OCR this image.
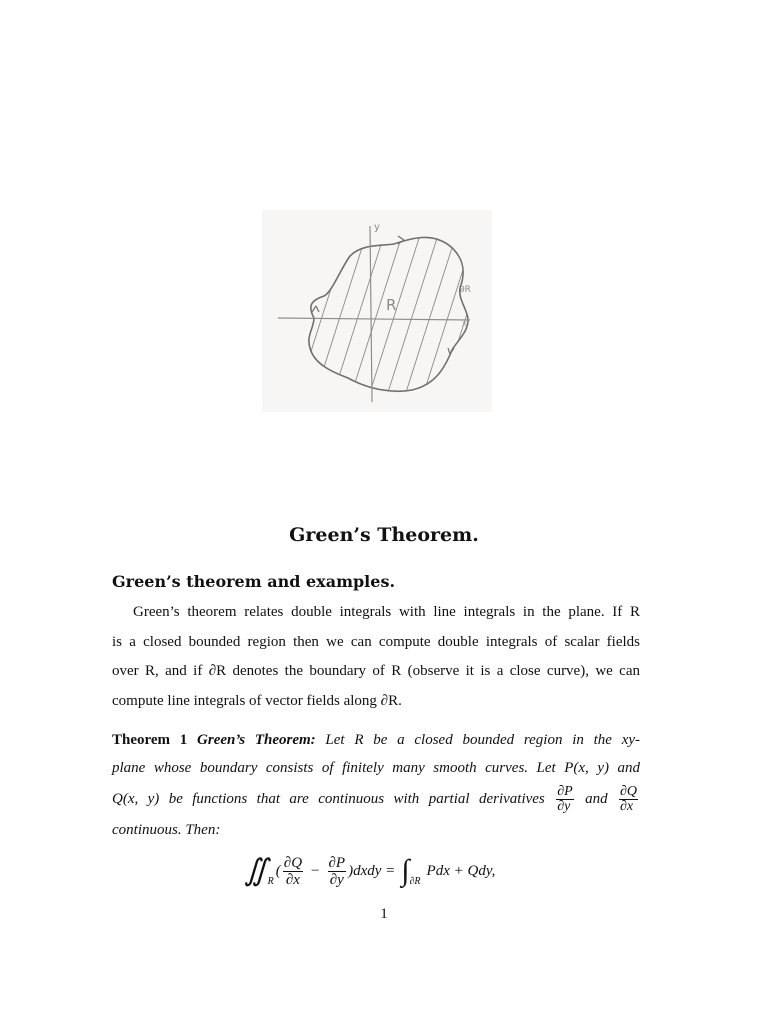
y
x
R
∂R
Green’s Theorem.
Green’s theorem and examples.
Green’s theorem relates double integrals with line integrals in the plane. If R
is a closed bounded region then we can compute double integrals of scalar fields
over R, and if ∂R denotes the boundary of R (observe it is a close curve), we can
compute line integrals of vector fields along ∂R.
Theorem 1 Green’s Theorem: Let R be a closed bounded region in the xy-
plane whose boundary consists of finitely many smooth curves. Let P(x, y) and
Q(x, y) be functions that are continuous with partial derivatives $\frac{\partial P}{\partial y}$ and $\frac{\partial Q}{\partial x}$
continuous. Then:
∬ R
( $\frac{\partial Q}{\partial x} - \frac{\partial P}{\partial y}$ )dxdy = ∫ ∂R
Pdx + Qdy,
1
